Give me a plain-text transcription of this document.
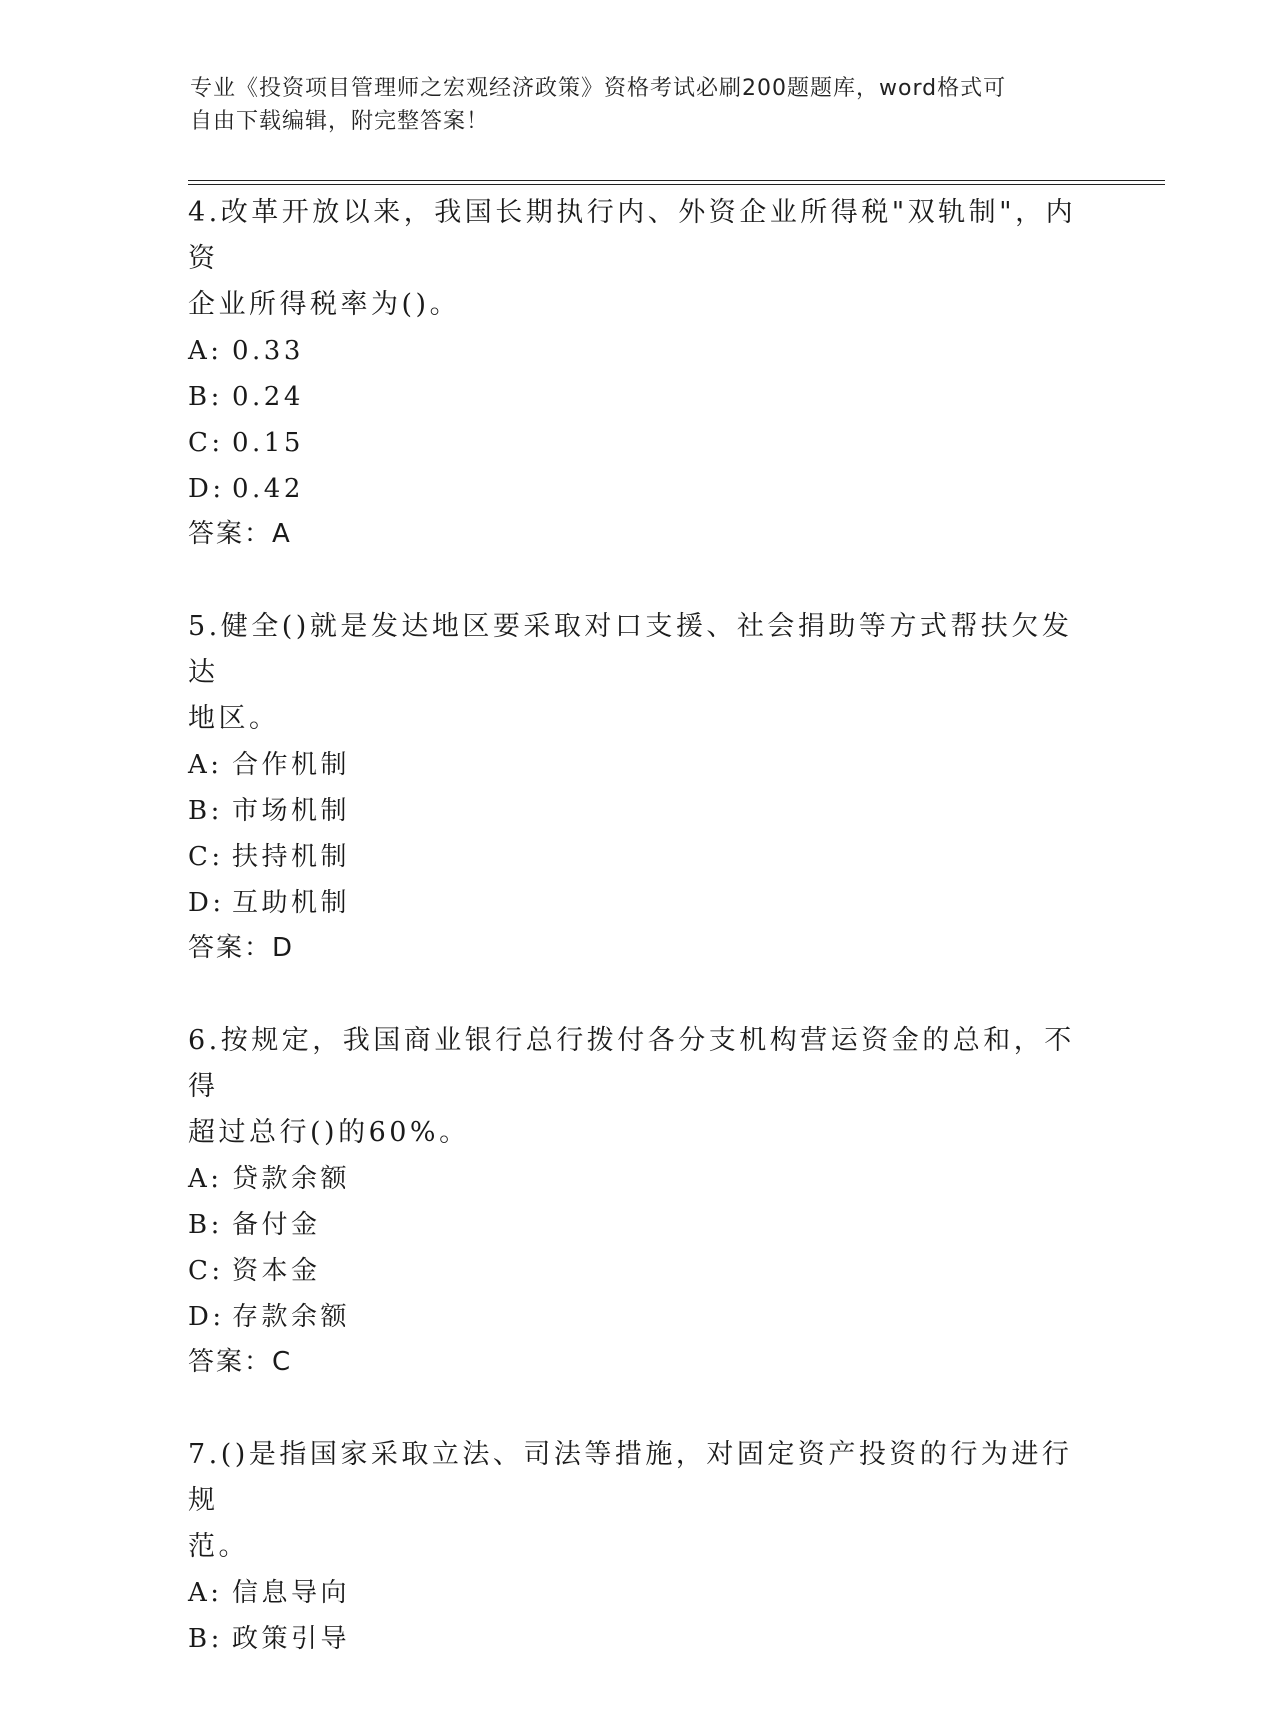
专业《投资项目管理师之宏观经济政策》资格考试必刷200题题库，word格式可
自由下载编辑，附完整答案！

4.改革开放以来，我国长期执行内、外资企业所得税"双轨制"，内资

企业所得税率为()。

A: 0.33
B: 0.24
C: 0.15
D: 0.42

答案：A

5.健全()就是发达地区要采取对口支援、社会捐助等方式帮扶欠发达

地区。

A: 合作机制
B: 市场机制
C: 扶持机制
D: 互助机制

答案：D

6.按规定，我国商业银行总行拨付各分支机构营运资金的总和，不得

超过总行()的60%。

A: 贷款余额
B: 备付金
C: 资本金
D: 存款余额

答案：C

7.()是指国家采取立法、司法等措施，对固定资产投资的行为进行规

范。

A: 信息导向
B: 政策引导
